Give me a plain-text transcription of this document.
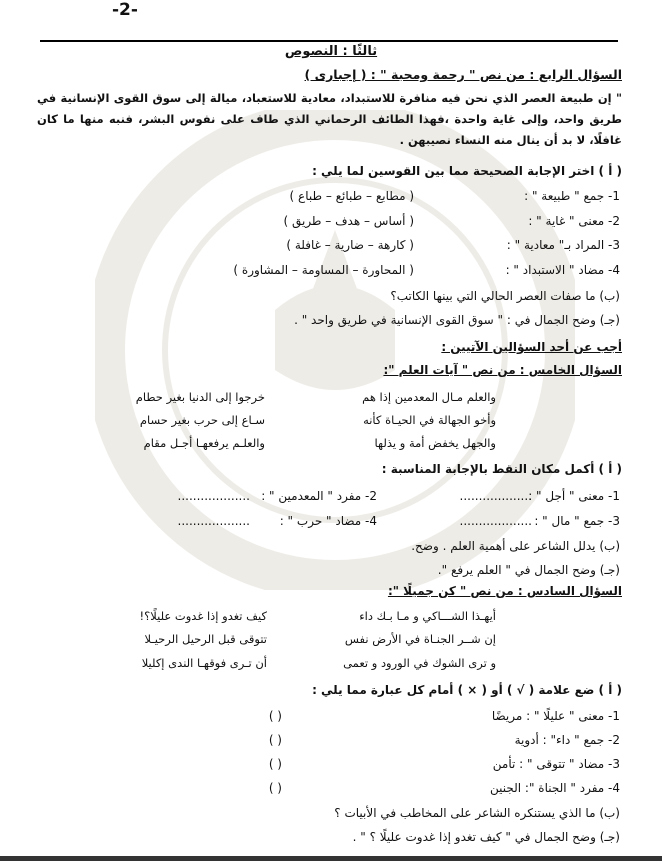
-2-
ثالثًا : النصوص
السؤال الرابع : من نص " رحمة ومحبة " : ( إجبارى )
" إن طبيعة العصر الذي نحن فيه منافرة للاستبداد، معادية للاستعباد، ميالة إلى سوق القوى الإنسانية في طريق واحد، وإلى غاية واحدة ،فهذا الطائف الرحماني الذي طاف على نفوس البشر، فنبه منها ما كان غافلًا، لا بد أن ينال منه النساء نصيبهن .
( أ ) اختر الإجابة الصحيحة مما بين القوسين لما يلي :
1- جمع " طبيعة " :
( مطابع – طبائع – طباع )
2- معنى " غاية " :
( أساس – هدف – طريق )
3- المراد بـ" معادية " :
( كارهة – ضارية – غافلة )
4- مضاد " الاستبداد " :
( المحاورة – المساومة – المشاورة )
(ب) ما صفات العصر الحالي التي بينها الكاتب؟
(جـ) وضح الجمال في : " سوق القوى الإنسانية في طريق واحد " .
أجب عن أحد السؤالين الآتيين :
السؤال الخامس : من نص " آيات العلم ":
والعلم مـال المعدمين إذا هم
خرجوا إلى الدنيا بغير حطام
وأخو الجهالة في الحيـاة كأنه
سـاع إلى حرب بغير حسام
والجهل يخفض أمة و يذلها
والعلـم يرفعهـا أجـل مقام
( أ ) أكمل مكان النقط بالإجابة المناسبة :
1- معنى " أجل " :
...................
2- مفرد " المعدمين " :
...................
3- جمع " مال " :
...................
4- مضاد " حرب " :
...................
(ب) يدلل الشاعر على أهمية العلم . وضح.
(جـ) وضح الجمال في " العلم يرفع ".
السؤال السادس : من نص " كن جميلًا ":
أيهـذا الشـــاكي و مـا بـك داء
كيف تغدو إذا غدوت عليلًا؟!
إن شــر الجنـاة في الأرض نفس
تتوقى قبل الرحيل الرحيـلا
و ترى الشوك في الورود و تعمى
أن تـرى فوقهـا الندى إكليلا
( أ ) ضع علامة ( √ ) أو ( × ) أمام كل عبارة مما يلي :
1- معنى " عليلًا " : مريضًا
( )
2- جمع " داء" : أدوية
( )
3- مضاد " تتوقى " : تأمن
( )
4- مفرد " الجناة ": الجنين
( )
(ب) ما الذي يستنكره الشاعر على المخاطب في الأبيات ؟
(جـ) وضح الجمال في " كيف تغدو إذا غدوت عليلًا ؟ " .
